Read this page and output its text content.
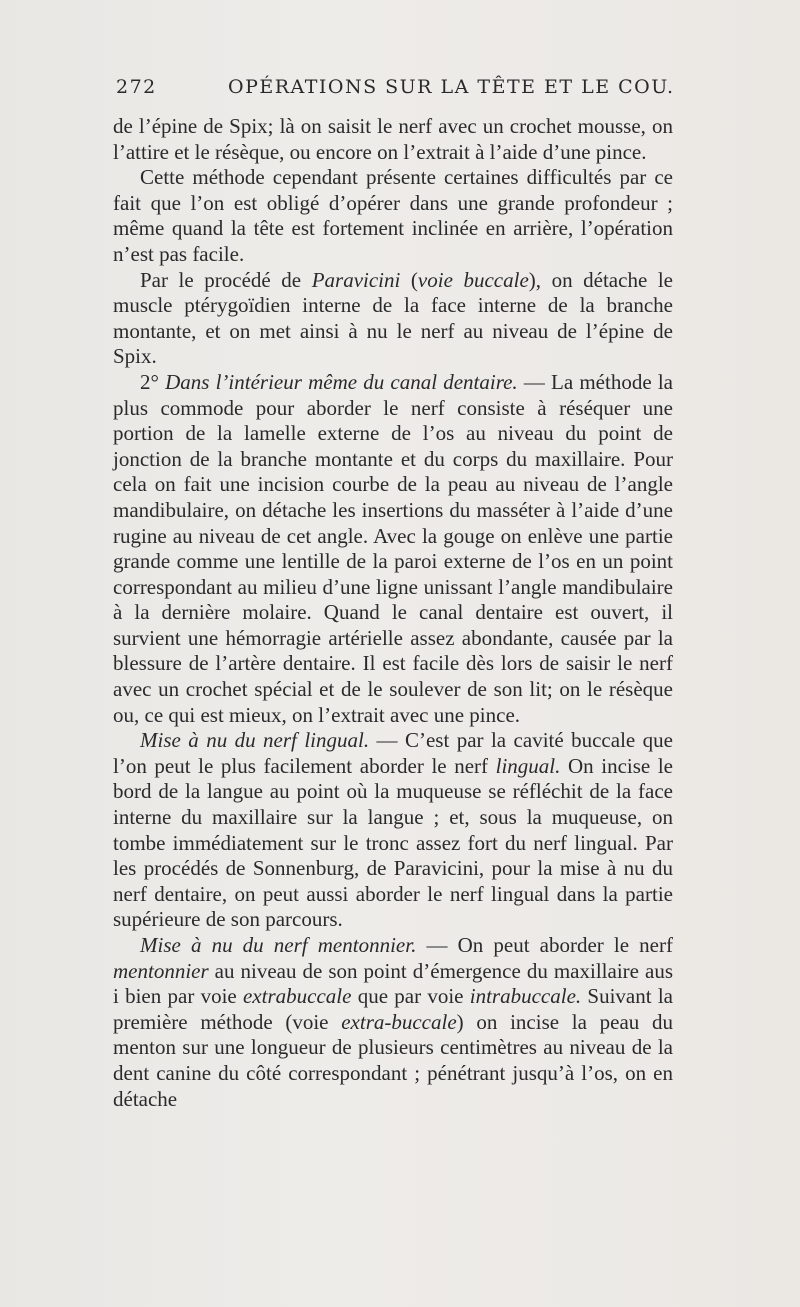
272	OPÉRATIONS SUR LA TÊTE ET LE COU.

de l’épine de Spix; là on saisit le nerf avec un crochet mousse, on l’attire et le résèque, ou encore on l’extrait à l’aide d’une pince.

Cette méthode cependant présente certaines difficultés par ce fait que l’on est obligé d’opérer dans une grande profondeur ; même quand la tête est fortement inclinée en arrière, l’opération n’est pas facile.

Par le procédé de Paravicini (voie buccale), on détache le muscle ptérygoïdien interne de la face interne de la branche montante, et on met ainsi à nu le nerf au niveau de l’épine de Spix.

2° Dans l’intérieur même du canal dentaire. — La méthode la plus commode pour aborder le nerf consiste à réséquer une portion de la lamelle externe de l’os au niveau du point de jonction de la branche montante et du corps du maxillaire. Pour cela on fait une incision courbe de la peau au niveau de l’angle mandibulaire, on détache les insertions du masséter à l’aide d’une rugine au niveau de cet angle. Avec la gouge on enlève une partie grande comme une lentille de la paroi externe de l’os en un point correspondant au milieu d’une ligne unissant l’angle mandibulaire à la dernière molaire. Quand le canal dentaire est ouvert, il survient une hémorragie artérielle assez abondante, causée par la blessure de l’artère dentaire. Il est facile dès lors de saisir le nerf avec un crochet spécial et de le soulever de son lit; on le résèque ou, ce qui est mieux, on l’extrait avec une pince.

Mise à nu du nerf lingual. — C’est par la cavité buccale que l’on peut le plus facilement aborder le nerf lingual. On incise le bord de la langue au point où la muqueuse se réfléchit de la face interne du maxillaire sur la langue ; et, sous la muqueuse, on tombe immédiatement sur le tronc assez fort du nerf lingual. Par les procédés de Sonnenburg, de Paravicini, pour la mise à nu du nerf dentaire, on peut aussi aborder le nerf lingual dans la partie supérieure de son parcours.

Mise à nu du nerf mentonnier. — On peut aborder le nerf mentonnier au niveau de son point d’émergence du maxillaire aus i bien par voie extrabuccale que par voie intrabuccale. Suivant la première méthode (voie extra-buccale) on incise la peau du menton sur une longueur de plusieurs centimètres au niveau de la dent canine du côté correspondant ; pénétrant jusqu’à l’os, on en détache
